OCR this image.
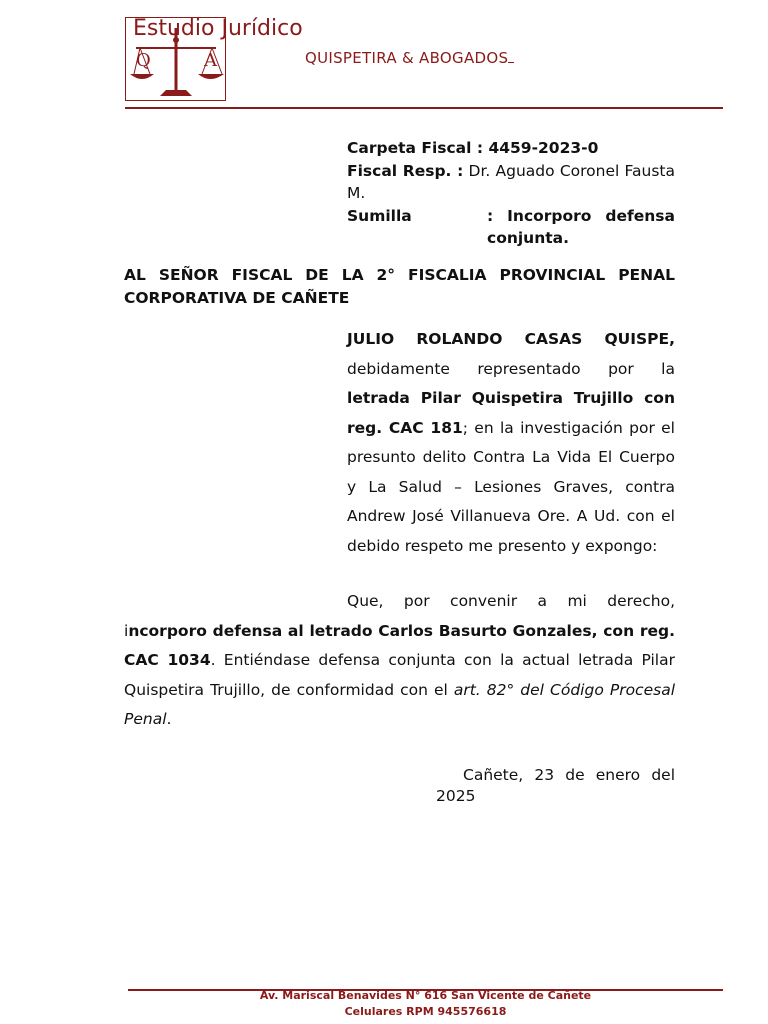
Q	A
Estudio Jurídico
QUISPETIRA & ABOGADOS
Carpeta Fiscal : 4459-2023-0
Fiscal Resp. : Dr. Aguado Coronel Fausta M.
Sumilla	: Incorporo defensa conjunta.
AL SEÑOR FISCAL DE LA 2° FISCALIA PROVINCIAL PENAL
CORPORATIVA DE CAÑETE
JULIO ROLANDO CASAS QUISPE, debidamente representado por la letrada Pilar Quispetira Trujillo con reg. CAC 181; en la investigación por el presunto delito Contra La Vida El Cuerpo y La Salud – Lesiones Graves, contra Andrew José Villanueva Ore. A Ud. con el debido respeto me presento y expongo:
Que, por convenir a mi derecho,
incorporo defensa al letrado Carlos Basurto Gonzales, con reg. CAC 1034. Entiéndase defensa conjunta con la actual letrada Pilar Quispetira Trujillo, de conformidad con el art. 82° del Código Procesal Penal.
Cañete, 23 de enero del
2025
Av. Mariscal Benavides N° 616 San Vicente de Cañete
Celulares RPM 945576618
